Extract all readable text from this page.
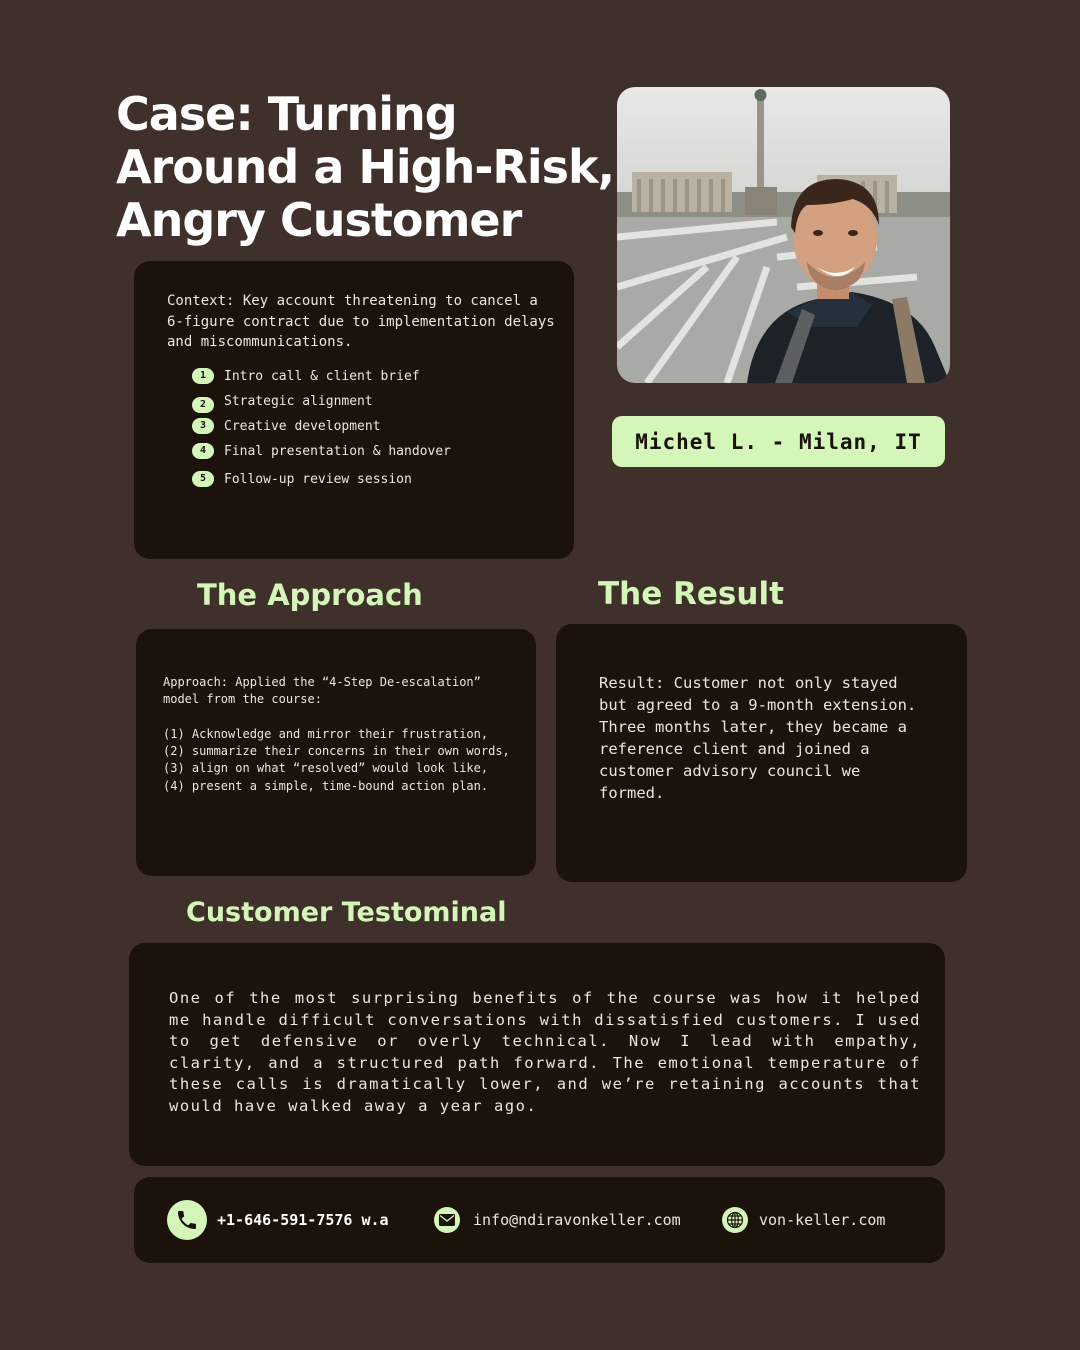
Case: Turning
Around a High-Risk,
Angry Customer
Context: Key account threatening to cancel a 6-figure contract due to implementation delays and miscommunications.
1	Intro call & client brief
2	Strategic alignment
3	Creative development
4	Final presentation & handover
5	Follow-up review session
Michel L. - Milan, IT
The Approach	The Result
Approach: Applied the “4-Step De-escalation” model from the course:

(1) Acknowledge and mirror their frustration,
(2) summarize their concerns in their own words,
(3) align on what “resolved” would look like,
(4) present a simple, time-bound action plan.
Result: Customer not only stayed but agreed to a 9-month extension. Three months later, they became a reference client and joined a customer advisory council we formed.
Customer Testominal
One of the most surprising benefits of the course was how it helped me handle difficult conversations with dissatisfied customers. I used to get defensive or overly technical. Now I lead with empathy, clarity, and a structured path forward. The emotional temperature of these calls is dramatically lower, and we’re retaining accounts that would have walked away a year ago.
+1-646-591-7576 w.a	info@ndiravonkeller.com	von-keller.com
